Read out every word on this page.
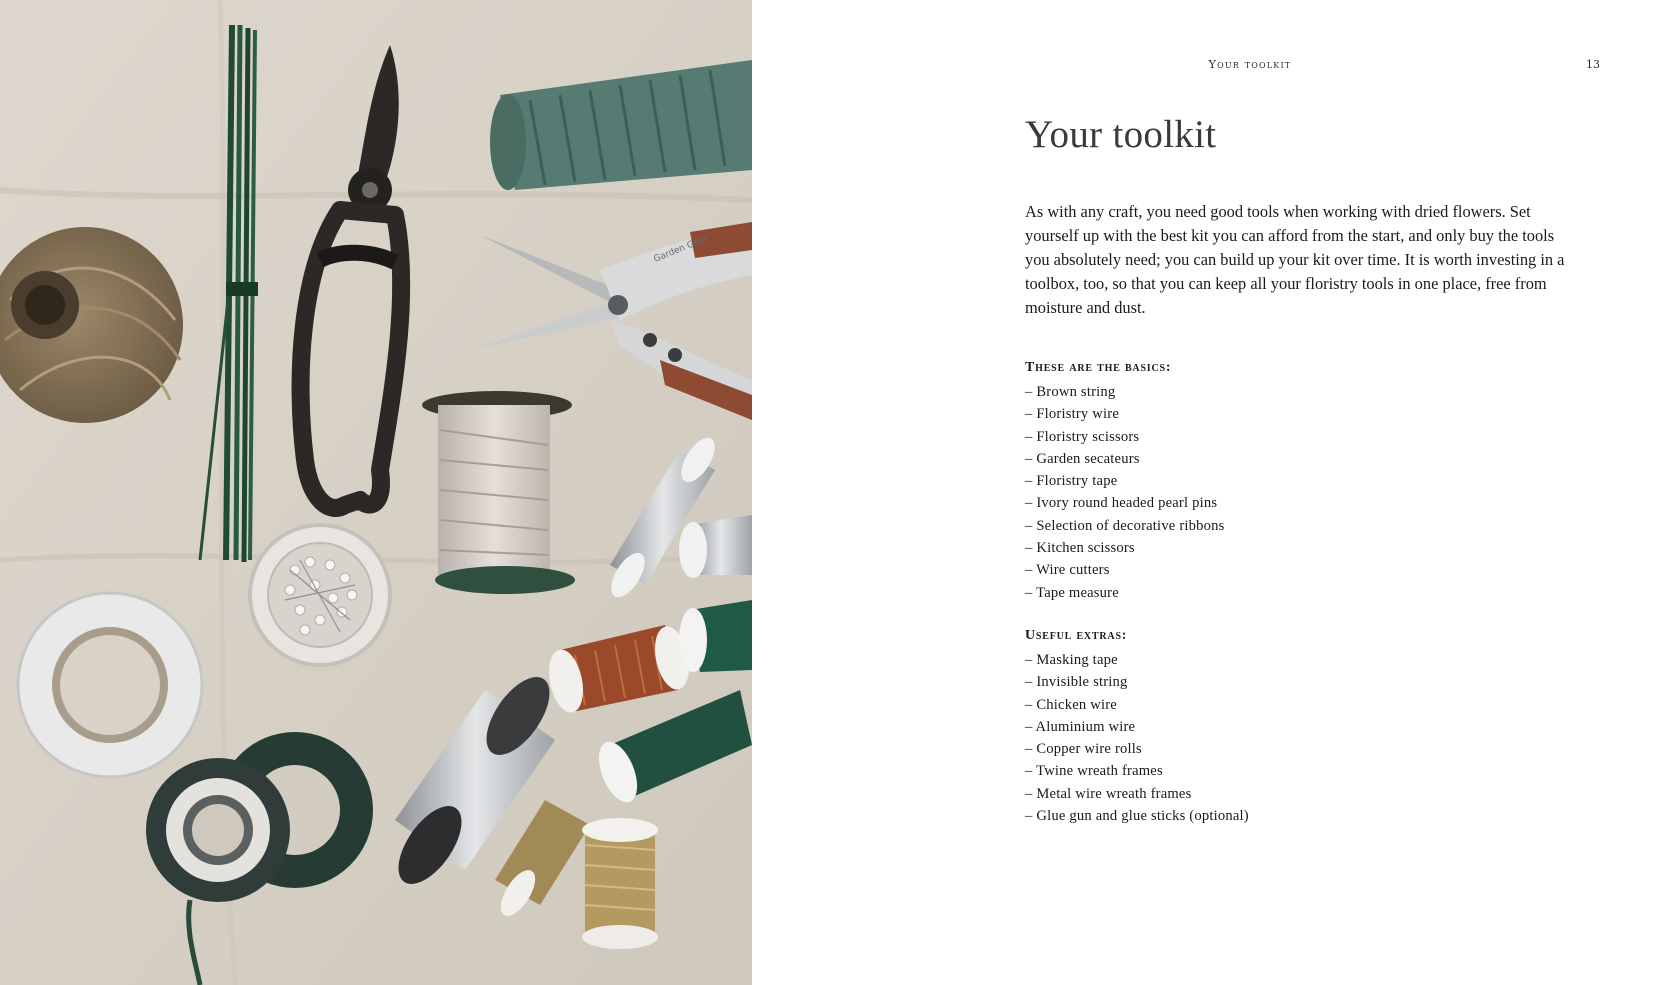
Garden Gear
Your toolkit	13
Your toolkit

As with any craft, you need good tools when working with dried flowers. Set yourself up with the best kit you can afford from the start, and only buy the tools you absolutely need; you can build up your kit over time. It is worth investing in a toolbox, too, so that you can keep all your floristry tools in one place, free from moisture and dust.

These are the basics:
– Brown string
– Floristry wire
– Floristry scissors
– Garden secateurs
– Floristry tape
– Ivory round headed pearl pins
– Selection of decorative ribbons
– Kitchen scissors
– Wire cutters
– Tape measure
Useful extras:
– Masking tape
– Invisible string
– Chicken wire
– Aluminium wire
– Copper wire rolls
– Twine wreath frames
– Metal wire wreath frames
– Glue gun and glue sticks (optional)
